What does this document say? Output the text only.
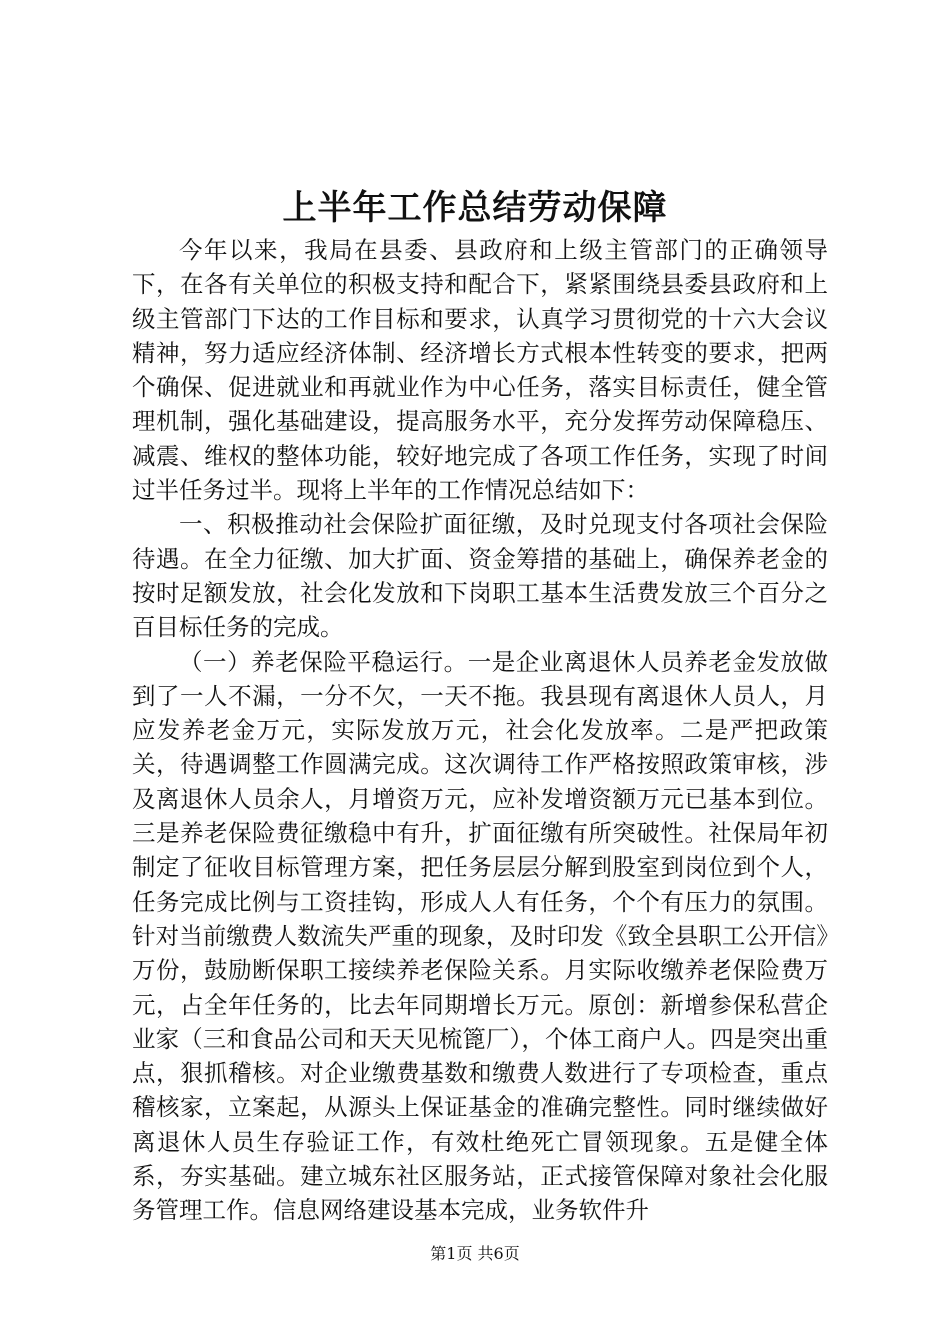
上半年工作总结劳动保障

今年以来，我局在县委、县政府和上级主管部门的正确领导下，在各有关单位的积极支持和配合下，紧紧围绕县委县政府和上级主管部门下达的工作目标和要求，认真学习贯彻党的十六大会议精神，努力适应经济体制、经济增长方式根本性转变的要求，把两个确保、促进就业和再就业作为中心任务，落实目标责任，健全管理机制，强化基础建设，提高服务水平，充分发挥劳动保障稳压、减震、维权的整体功能，较好地完成了各项工作任务，实现了时间过半任务过半。现将上半年的工作情况总结如下：

一、积极推动社会保险扩面征缴，及时兑现支付各项社会保险待遇。在全力征缴、加大扩面、资金筹措的基础上，确保养老金的按时足额发放，社会化发放和下岗职工基本生活费发放三个百分之百目标任务的完成。

（一）养老保险平稳运行。一是企业离退休人员养老金发放做到了一人不漏，一分不欠，一天不拖。我县现有离退休人员人，月应发养老金万元，实际发放万元，社会化发放率。二是严把政策关，待遇调整工作圆满完成。这次调待工作严格按照政策审核，涉及离退休人员余人，月增资万元，应补发增资额万元已基本到位。三是养老保险费征缴稳中有升，扩面征缴有所突破性。社保局年初制定了征收目标管理方案，把任务层层分解到股室到岗位到个人，任务完成比例与工资挂钩，形成人人有任务，个个有压力的氛围。针对当前缴费人数流失严重的现象，及时印发《致全县职工公开信》万份，鼓励断保职工接续养老保险关系。月实际收缴养老保险费万元，占全年任务的，比去年同期增长万元。原创：新增参保私营企业家（三和食品公司和天天见梳篦厂），个体工商户人。四是突出重点，狠抓稽核。对企业缴费基数和缴费人数进行了专项检查，重点稽核家，立案起，从源头上保证基金的准确完整性。同时继续做好离退休人员生存验证工作，有效杜绝死亡冒领现象。五是健全体系，夯实基础。建立城东社区服务站，正式接管保障对象社会化服务管理工作。信息网络建设基本完成，业务软件升

第1页 共6页
